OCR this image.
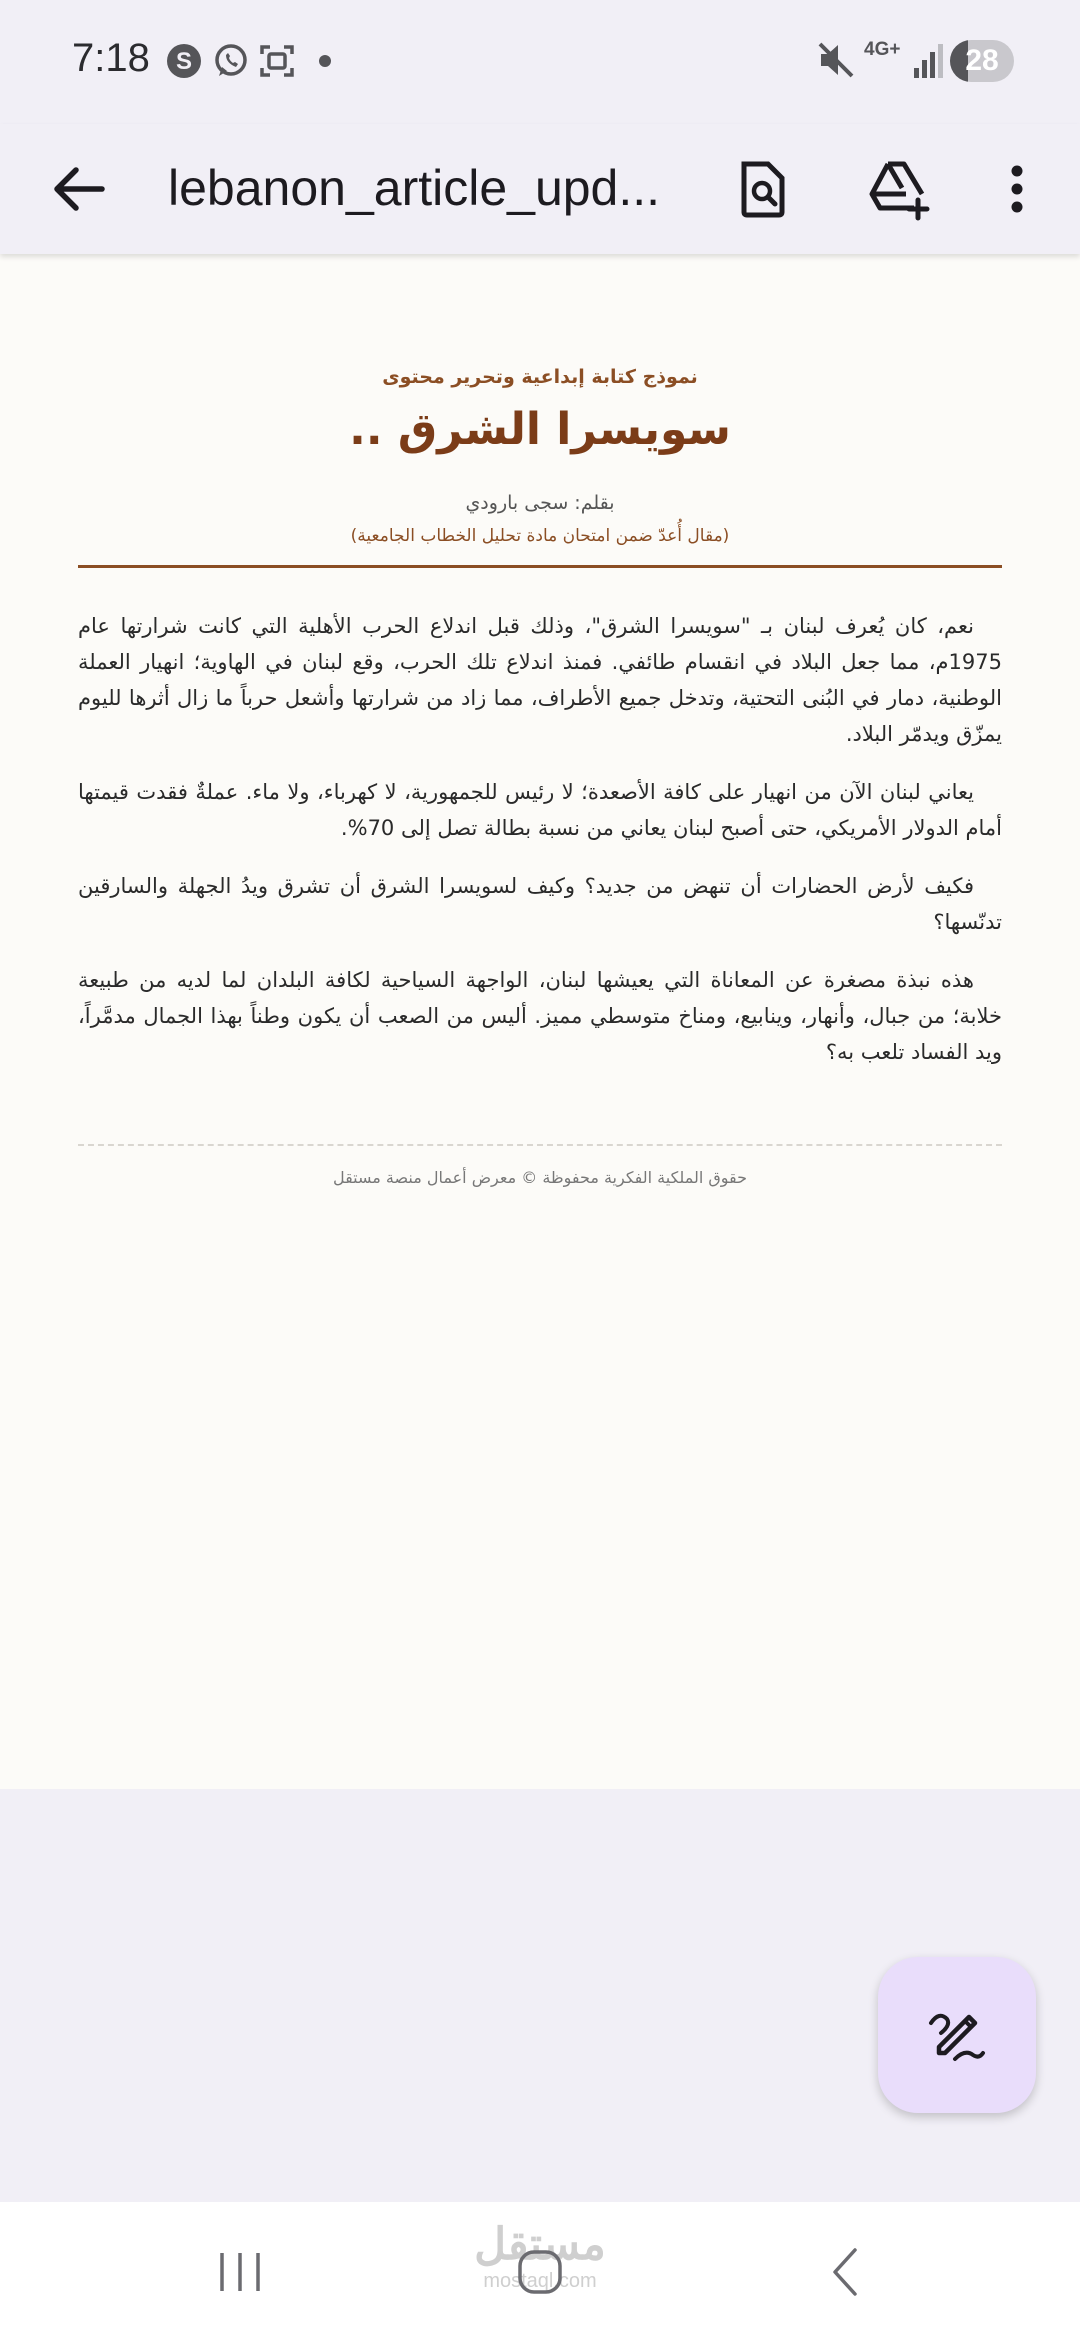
7:18 S	4G+	28
lebanon_article_upd...
نموذج كتابة إبداعية وتحرير محتوى
سويسرا الشرق ..
بقلم: سجى بارودي
(مقال أُعدّ ضمن امتحان مادة تحليل الخطاب الجامعية)

نعم، كان يُعرف لبنان بـ "سويسرا الشرق"، وذلك قبل اندلاع الحرب الأهلية التي كانت شرارتها عام 1975م، مما جعل البلاد في انقسام طائفي. فمنذ اندلاع تلك الحرب، وقع لبنان في الهاوية؛ انهيار العملة الوطنية، دمار في البُنى التحتية، وتدخل جميع الأطراف، مما زاد من شرارتها وأشعل حرباً ما زال أثرها لليوم يمزّق ويدمّر البلاد.

يعاني لبنان الآن من انهيار على كافة الأصعدة؛ لا رئيس للجمهورية، لا كهرباء، ولا ماء. عملةٌ فقدت قيمتها أمام الدولار الأمريكي، حتى أصبح لبنان يعاني من نسبة بطالة تصل إلى 70%.

فكيف لأرض الحضارات أن تنهض من جديد؟ وكيف لسويسرا الشرق أن تشرق ويدُ الجهلة والسارقين تدنّسها؟

هذه نبذة مصغرة عن المعاناة التي يعيشها لبنان، الواجهة السياحية لكافة البلدان لما لديه من طبيعة خلابة؛ من جبال، وأنهار، وينابيع، ومناخ متوسطي مميز. أليس من الصعب أن يكون وطناً بهذا الجمال مدمَّراً، ويد الفساد تلعب به؟

حقوق الملكية الفكرية محفوظة © معرض أعمال منصة مستقل
مستقل
mostaql.com
